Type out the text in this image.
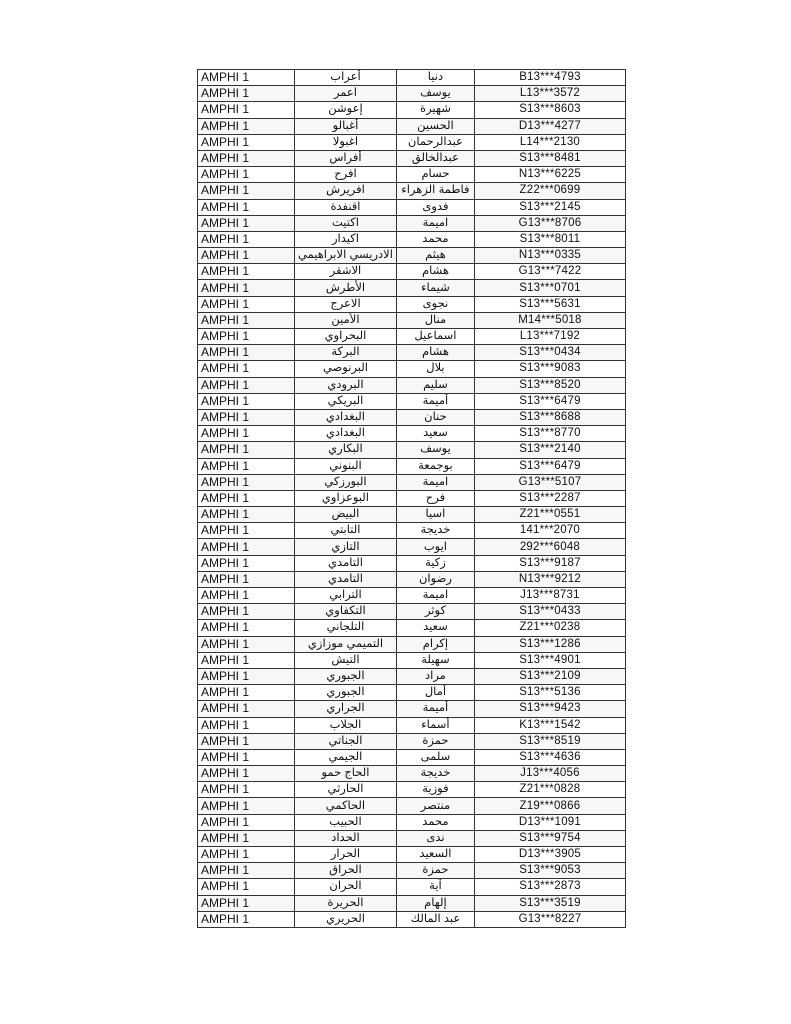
AMPHI 1	أعراب	دنيا	B13***4793
AMPHI 1	اعمر	يوسف	L13***3572
AMPHI 1	إعوشن	شهيرة	S13***8603
AMPHI 1	أغبالو	الحسين	D13***4277
AMPHI 1	اغبولا	عبدالرحمان	L14***2130
AMPHI 1	أفراس	عبدالخالق	S13***8481
AMPHI 1	افرح	حسام	N13***6225
AMPHI 1	افريرش	فاطمة الزهراء	Z22***0699
AMPHI 1	اقنفدة	فدوى	S13***2145
AMPHI 1	اكتيت	اميمة	G13***8706
AMPHI 1	اكيدار	محمد	S13***8011
AMPHI 1	الادريسي الابراهيمي	هيثم	N13***0335
AMPHI 1	الاشقر	هشام	G13***7422
AMPHI 1	الأطرش	شيماء	S13***0701
AMPHI 1	الاعرج	نجوى	S13***5631
AMPHI 1	الأمين	منال	M14***5018
AMPHI 1	البحراوي	اسماعيل	L13***7192
AMPHI 1	البركة	هشام	S13***0434
AMPHI 1	البرنوصي	بلال	S13***9083
AMPHI 1	البرودي	سليم	S13***8520
AMPHI 1	البريكي	أميمة	S13***6479
AMPHI 1	البغدادي	حنان	S13***8688
AMPHI 1	البغدادي	سعيد	S13***8770
AMPHI 1	البكاري	يوسف	S13***2140
AMPHI 1	البنوني	بوجمعة	S13***6479
AMPHI 1	البورزكي	اميمة	G13***5107
AMPHI 1	البوعزاوي	فرح	S13***2287
AMPHI 1	البيض	اسيا	Z21***0551
AMPHI 1	التابتي	خديجة	141***2070
AMPHI 1	التازي	ايوب	292***6048
AMPHI 1	التامدي	زكية	S13***9187
AMPHI 1	التامدي	رضوان	N13***9212
AMPHI 1	الترابي	اميمة	J13***8731
AMPHI 1	التكفاوي	كوثر	S13***0433
AMPHI 1	التلجاني	سعيد	Z21***0238
AMPHI 1	التميمي موزازي	إكرام	S13***1286
AMPHI 1	التيش	سهيلة	S13***4901
AMPHI 1	الجبوري	مراد	S13***2109
AMPHI 1	الجبوري	أمال	S13***5136
AMPHI 1	الجراري	أميمة	S13***9423
AMPHI 1	الجلاب	أسماء	K13***1542
AMPHI 1	الجناتي	حمزة	S13***8519
AMPHI 1	الجيمي	سلمى	S13***4636
AMPHI 1	الحاج حمو	خديجة	J13***4056
AMPHI 1	الحارثي	فوزية	Z21***0828
AMPHI 1	الحاكمي	منتصر	Z19***0866
AMPHI 1	الحبيب	محمد	D13***1091
AMPHI 1	الحداد	ندى	S13***9754
AMPHI 1	الحرار	السعيد	D13***3905
AMPHI 1	الحراق	حمزة	S13***9053
AMPHI 1	الحران	آية	S13***2873
AMPHI 1	الحريرة	إلهام	S13***3519
AMPHI 1	الحريري	عبد المالك	G13***8227
